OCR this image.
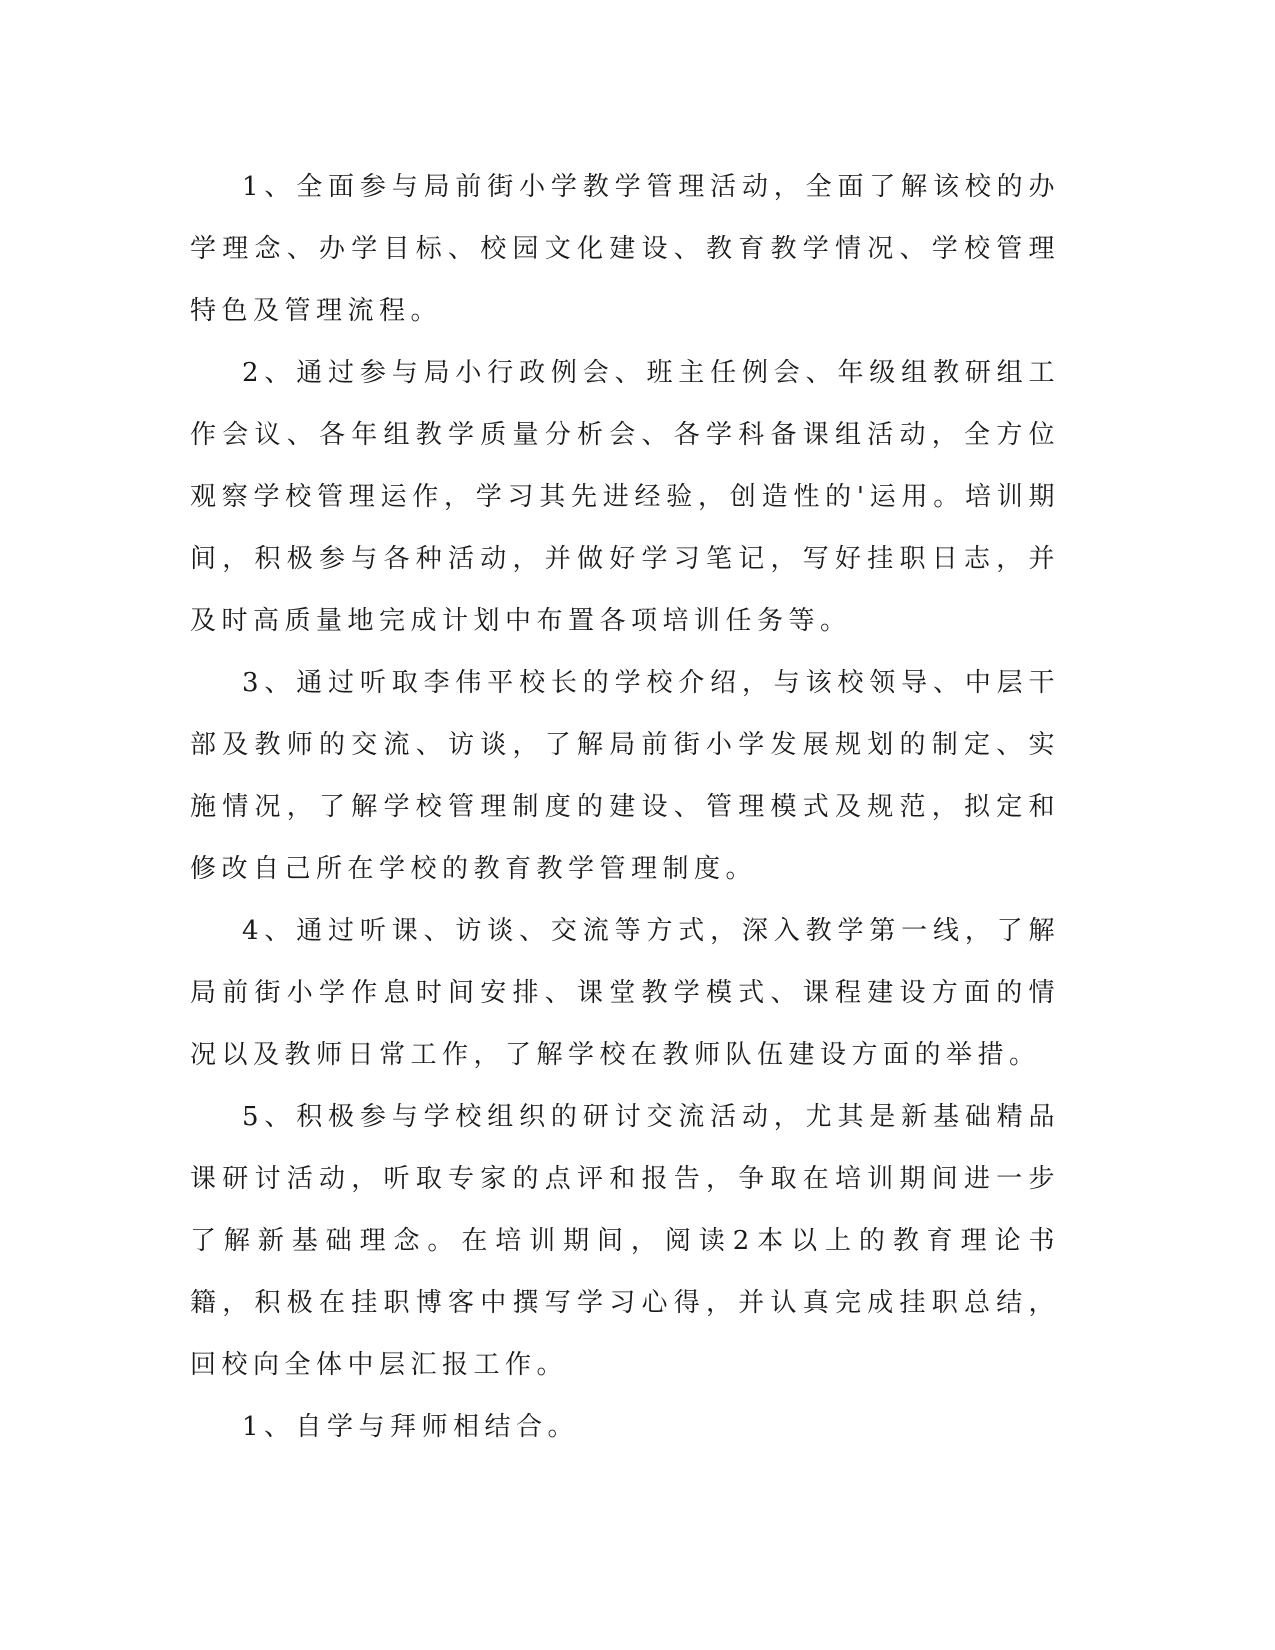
1、全面参与局前街小学教学管理活动，全面了解该校的办学理念、办学目标、校园文化建设、教育教学情况、学校管理特色及管理流程。

2、通过参与局小行政例会、班主任例会、年级组教研组工作会议、各年组教学质量分析会、各学科备课组活动，全方位观察学校管理运作，学习其先进经验，创造性的'运用。培训期间，积极参与各种活动，并做好学习笔记，写好挂职日志，并及时高质量地完成计划中布置各项培训任务等。

3、通过听取李伟平校长的学校介绍，与该校领导、中层干部及教师的交流、访谈，了解局前街小学发展规划的制定、实施情况，了解学校管理制度的建设、管理模式及规范，拟定和修改自己所在学校的教育教学管理制度。

4、通过听课、访谈、交流等方式，深入教学第一线，了解局前街小学作息时间安排、课堂教学模式、课程建设方面的情况以及教师日常工作，了解学校在教师队伍建设方面的举措。

5、积极参与学校组织的研讨交流活动，尤其是新基础精品课研讨活动，听取专家的点评和报告，争取在培训期间进一步了解新基础理念。在培训期间，阅读2本以上的教育理论书籍，积极在挂职博客中撰写学习心得，并认真完成挂职总结，回校向全体中层汇报工作。

1、自学与拜师相结合。
